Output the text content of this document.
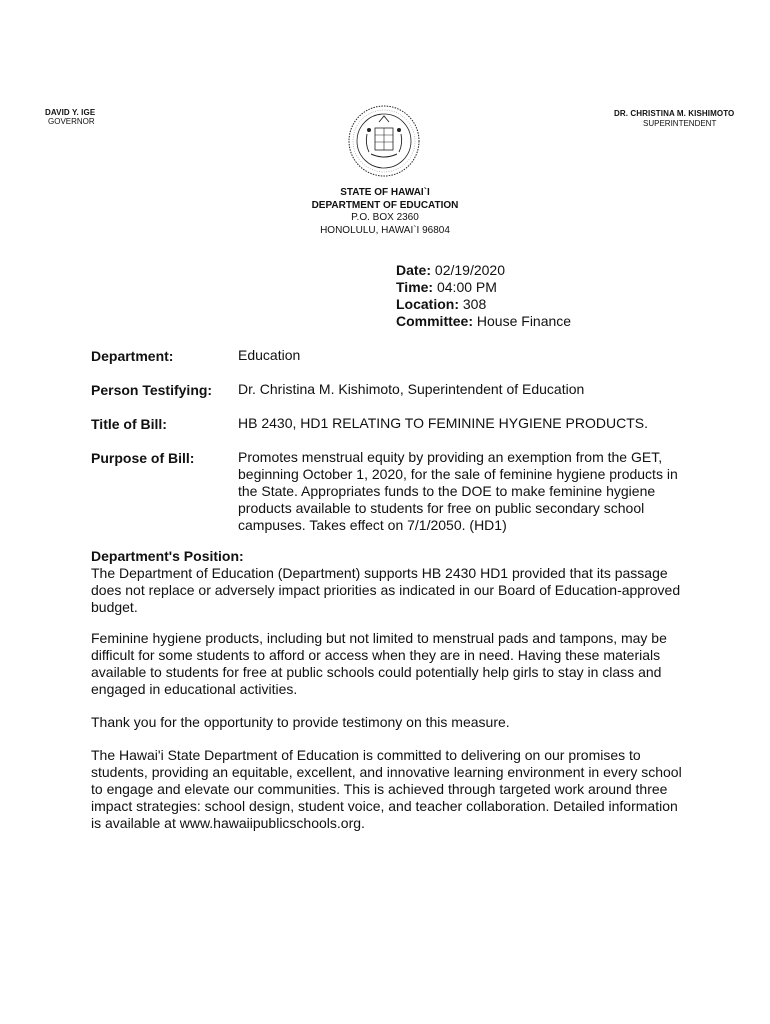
DAVID Y. IGE
GOVERNOR
DR. CHRISTINA M. KISHIMOTO
SUPERINTENDENT
STATE OF HAWAI`I
DEPARTMENT OF EDUCATION
P.O. BOX 2360
HONOLULU, HAWAI`I 96804
Date: 02/19/2020
Time: 04:00 PM
Location: 308
Committee: House Finance
Department:	Education
Person Testifying: Dr. Christina M. Kishimoto, Superintendent of Education
Title of Bill:	HB 2430, HD1 RELATING TO FEMININE HYGIENE PRODUCTS.
Purpose of Bill:	Promotes menstrual equity by providing an exemption from the GET, beginning October 1, 2020, for the sale of feminine hygiene products in the State. Appropriates funds to the DOE to make feminine hygiene products available to students for free on public secondary school campuses. Takes effect on 7/1/2050. (HD1)
Department's Position:
The Department of Education (Department) supports HB 2430 HD1 provided that its passage does not replace or adversely impact priorities as indicated in our Board of Education-approved budget.
Feminine hygiene products, including but not limited to menstrual pads and tampons, may be difficult for some students to afford or access when they are in need. Having these materials available to students for free at public schools could potentially help girls to stay in class and engaged in educational activities.
Thank you for the opportunity to provide testimony on this measure.
The Hawai'i State Department of Education is committed to delivering on our promises to students, providing an equitable, excellent, and innovative learning environment in every school to engage and elevate our communities. This is achieved through targeted work around three impact strategies: school design, student voice, and teacher collaboration. Detailed information is available at www.hawaiipublicschools.org.
